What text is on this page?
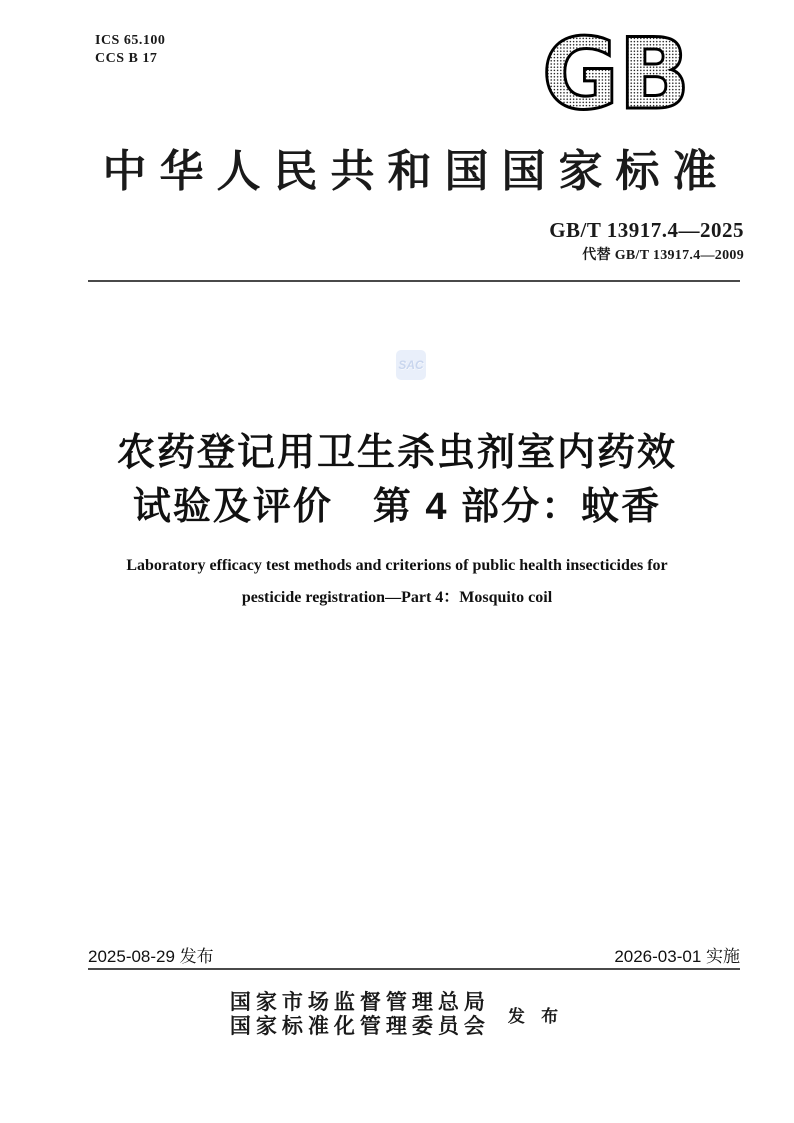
ICS 65.100
CCS B 17	GB
中华人民共和国国家标准
GB/T 13917.4—2025
代替 GB/T 13917.4—2009
SAC
农药登记用卫生杀虫剂室内药效
试验及评价　第 4 部分：蚊香
Laboratory efficacy test methods and criterions of public health insecticides for
pesticide registration—Part 4：Mosquito coil
2025-08-29 发布	2026-03-01 实施
国家市场监督管理总局
国家标准化管理委员会 发 布
